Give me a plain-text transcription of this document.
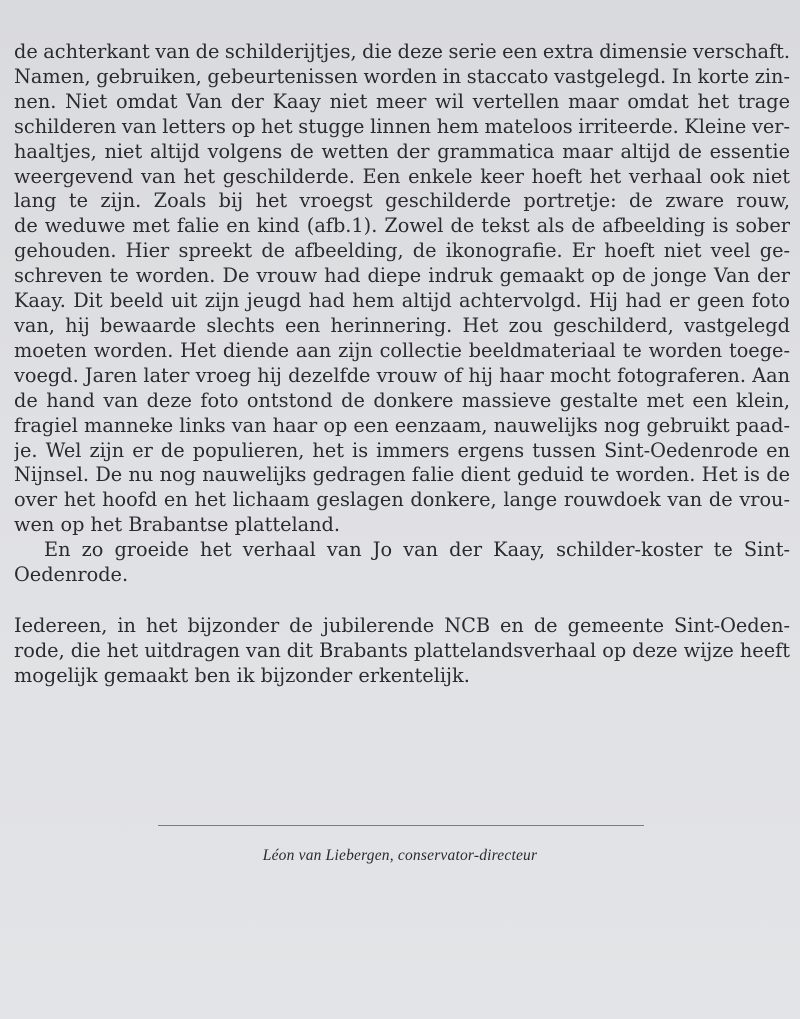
de achterkant van de schilderijtjes, die deze serie een extra dimensie verschaft.
Namen, gebruiken, gebeurtenissen worden in staccato vastgelegd. In korte zin-
nen. Niet omdat Van der Kaay niet meer wil vertellen maar omdat het trage
schilderen van letters op het stugge linnen hem mateloos irriteerde. Kleine ver-
haaltjes, niet altijd volgens de wetten der grammatica maar altijd de essentie
weergevend van het geschilderde. Een enkele keer hoeft het verhaal ook niet
lang te zijn. Zoals bij het vroegst geschilderde portretje: de zware rouw,
de weduwe met falie en kind (afb.1). Zowel de tekst als de afbeelding is sober
gehouden. Hier spreekt de afbeelding, de ikonografie. Er hoeft niet veel ge-
schreven te worden. De vrouw had diepe indruk gemaakt op de jonge Van der
Kaay. Dit beeld uit zijn jeugd had hem altijd achtervolgd. Hij had er geen foto
van, hij bewaarde slechts een herinnering. Het zou geschilderd, vastgelegd
moeten worden. Het diende aan zijn collectie beeldmateriaal te worden toege-
voegd. Jaren later vroeg hij dezelfde vrouw of hij haar mocht fotograferen. Aan
de hand van deze foto ontstond de donkere massieve gestalte met een klein,
fragiel manneke links van haar op een eenzaam, nauwelijks nog gebruikt paad-
je. Wel zijn er de populieren, het is immers ergens tussen Sint-Oedenrode en
Nijnsel. De nu nog nauwelijks gedragen falie dient geduid te worden. Het is de
over het hoofd en het lichaam geslagen donkere, lange rouwdoek van de vrou-
wen op het Brabantse platteland.

En zo groeide het verhaal van Jo van der Kaay, schilder-koster te Sint-
Oedenrode.

Iedereen, in het bijzonder de jubilerende NCB en de gemeente Sint-Oeden-
rode, die het uitdragen van dit Brabants plattelandsverhaal op deze wijze heeft
mogelijk gemaakt ben ik bijzonder erkentelijk.

Léon van Liebergen, conservator-directeur
